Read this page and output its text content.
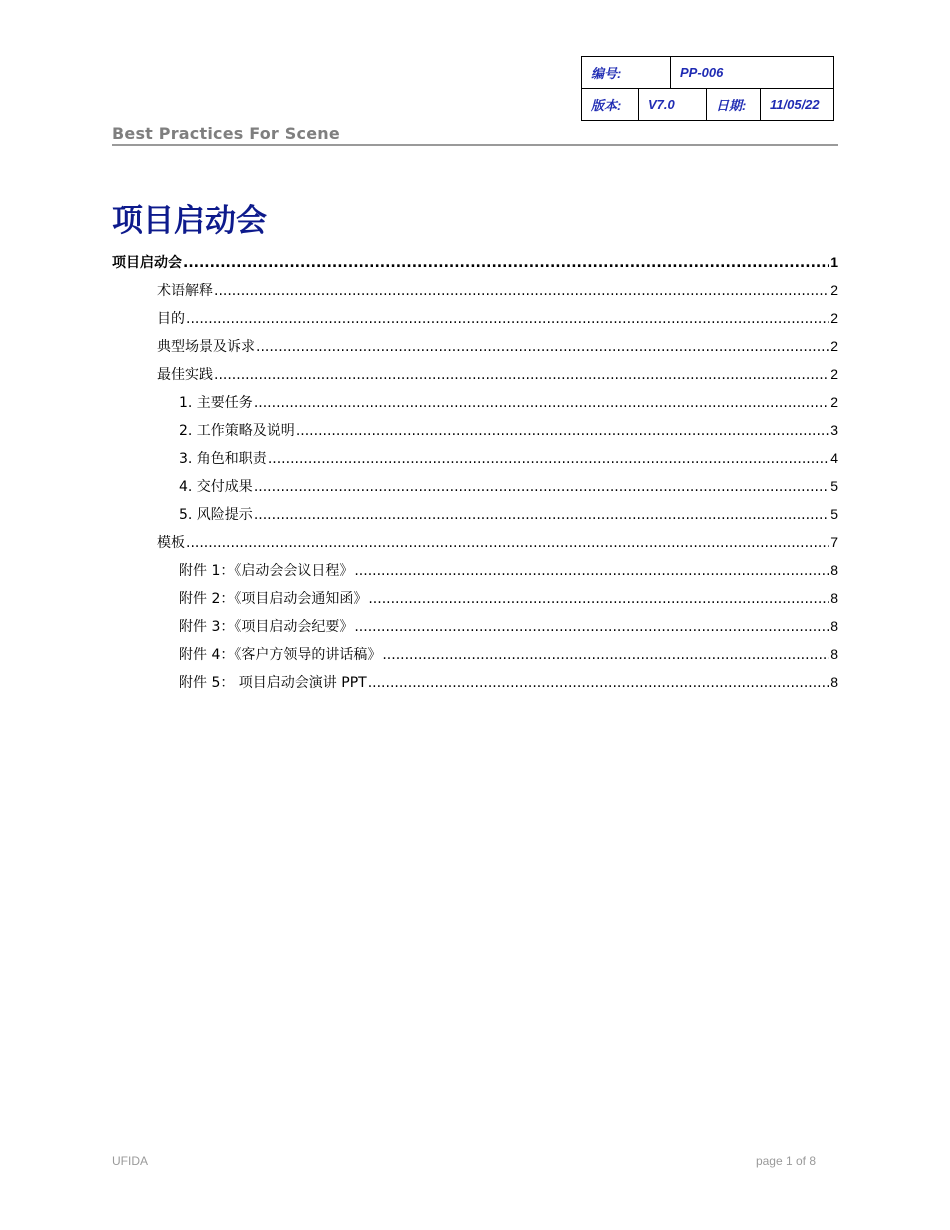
编号:		PP-006		
版本:	V7.0		日期:	11/05/22
Best Practices For Scene
项目启动会
项目启动会 .....	1
术语解释 .....	2
目的 .....	2
典型场景及诉求 .....	2
最佳实践 .....	2
1. 主要任务 .....	2
2. 工作策略及说明 .....	3
3. 角色和职责 .....	4
4. 交付成果 .....	5
5. 风险提示 .....	5
模板 .....	7
附件 1：《启动会会议日程》 .....	8
附件 2：《项目启动会通知函》 .....	8
附件 3：《项目启动会纪要》 .....	8
附件 4：《客户方领导的讲话稿》 .....	8
附件 5： 项目启动会演讲 PPT .....	8
UFIDA	page 1 of 8
